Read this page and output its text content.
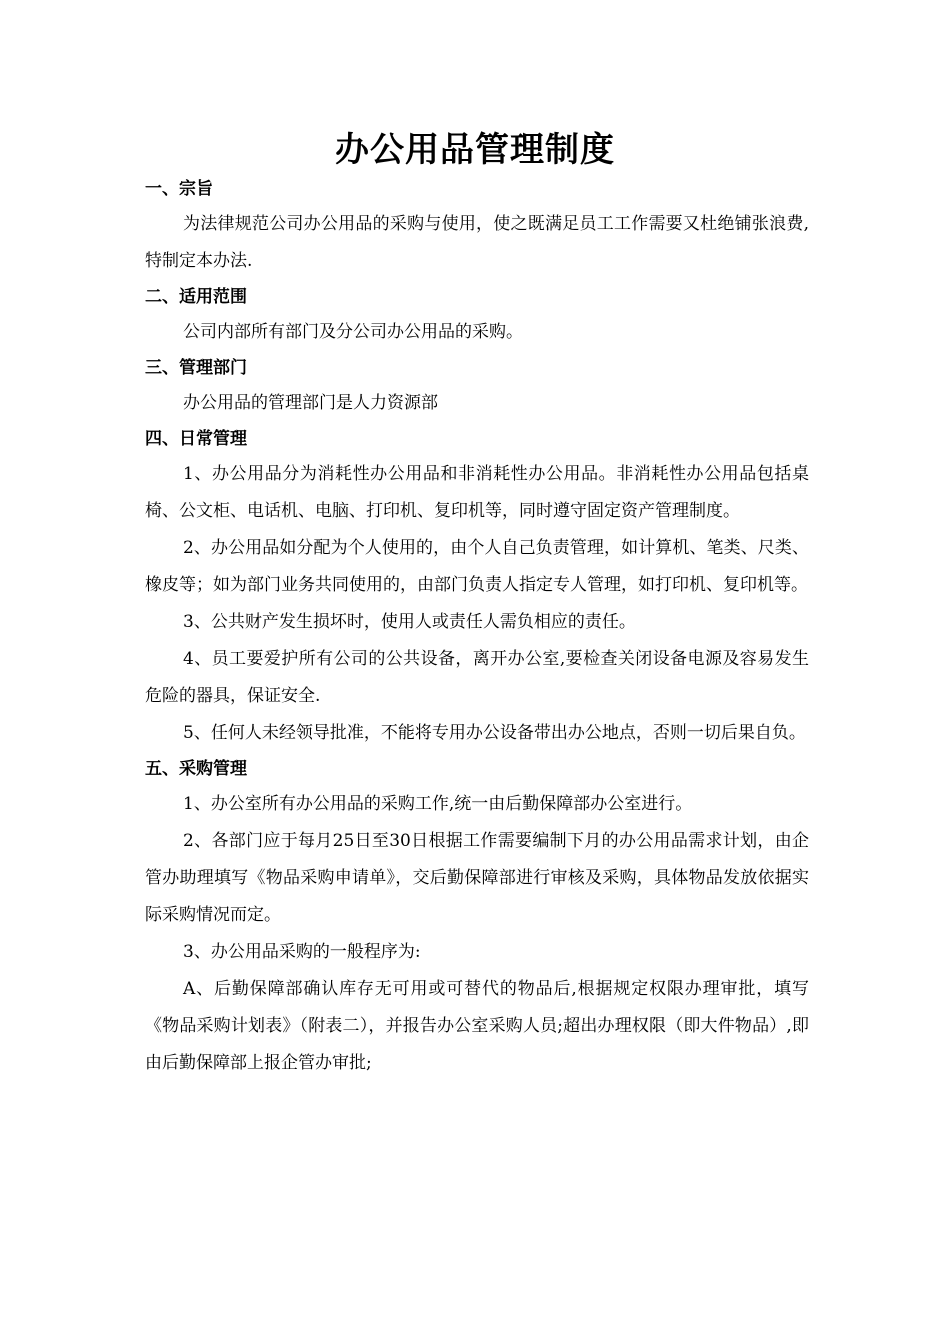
办公用品管理制度
一、宗旨
为法律规范公司办公用品的采购与使用，使之既满足员工工作需要又杜绝铺张浪费,特制定本办法.
二、适用范围
公司内部所有部门及分公司办公用品的采购。
三、管理部门
办公用品的管理部门是人力资源部
四、日常管理
1、办公用品分为消耗性办公用品和非消耗性办公用品。非消耗性办公用品包括桌椅、公文柜、电话机、电脑、打印机、复印机等，同时遵守固定资产管理制度。
2、办公用品如分配为个人使用的，由个人自己负责管理，如计算机、笔类、尺类、橡皮等；如为部门业务共同使用的，由部门负责人指定专人管理，如打印机、复印机等。
3、公共财产发生损坏时，使用人或责任人需负相应的责任。
4、员工要爱护所有公司的公共设备，离开办公室,要检查关闭设备电源及容易发生危险的器具，保证安全.
5、任何人未经领导批准，不能将专用办公设备带出办公地点，否则一切后果自负。
五、采购管理
1、办公室所有办公用品的采购工作,统一由后勤保障部办公室进行。
2、各部门应于每月25日至30日根据工作需要编制下月的办公用品需求计划，由企管办助理填写《物品采购申请单》，交后勤保障部进行审核及采购，具体物品发放依据实际采购情况而定。
3、办公用品采购的一般程序为:
A、后勤保障部确认库存无可用或可替代的物品后,根据规定权限办理审批，填写《物品采购计划表》（附表二），并报告办公室采购人员;超出办理权限（即大件物品）,即由后勤保障部上报企管办审批;
